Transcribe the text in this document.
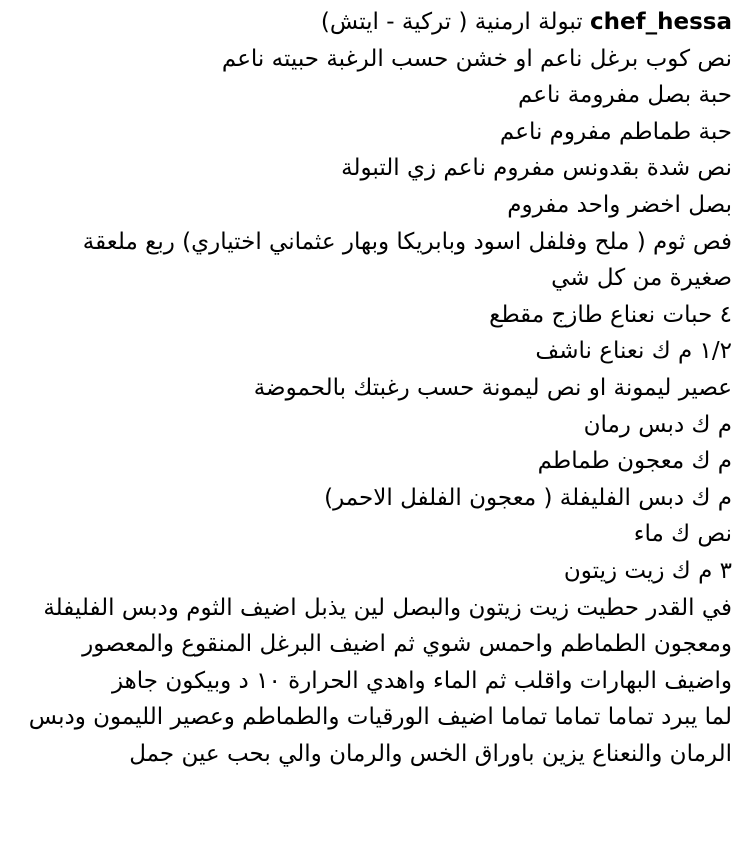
chef_hessa تبولة ارمنية ( تركية - ايتش)
نص كوب برغل ناعم او خشن حسب الرغبة حبيته ناعم
حبة بصل مفرومة ناعم
حبة طماطم مفروم ناعم
نص شدة بقدونس مفروم ناعم زي التبولة
بصل اخضر واحد مفروم
فص ثوم ( ملح وفلفل اسود وبابريكا وبهار عثماني اختياري) ربع ملعقة صغيرة من كل شي
٤ حبات نعناع طازج مقطع
١/٢ م ك نعناع ناشف
عصير ليمونة او نص ليمونة حسب رغبتك بالحموضة
م ك دبس رمان
م ك معجون طماطم
م ك دبس الفليفلة ( معجون الفلفل الاحمر)
نص ك ماء
٣ م ك زيت زيتون
في القدر حطيت زيت زيتون والبصل لين يذبل اضيف الثوم ودبس الفليفلة ومعجون الطماطم واحمس شوي ثم اضيف البرغل المنقوع والمعصور واضيف البهارات واقلب ثم الماء واهدي الحرارة ١٠ د وبيكون جاهز
لما يبرد تماما تماما تماما اضيف الورقيات والطماطم وعصير الليمون ودبس الرمان والنعناع يزين باوراق الخس والرمان والي بحب عين جمل
